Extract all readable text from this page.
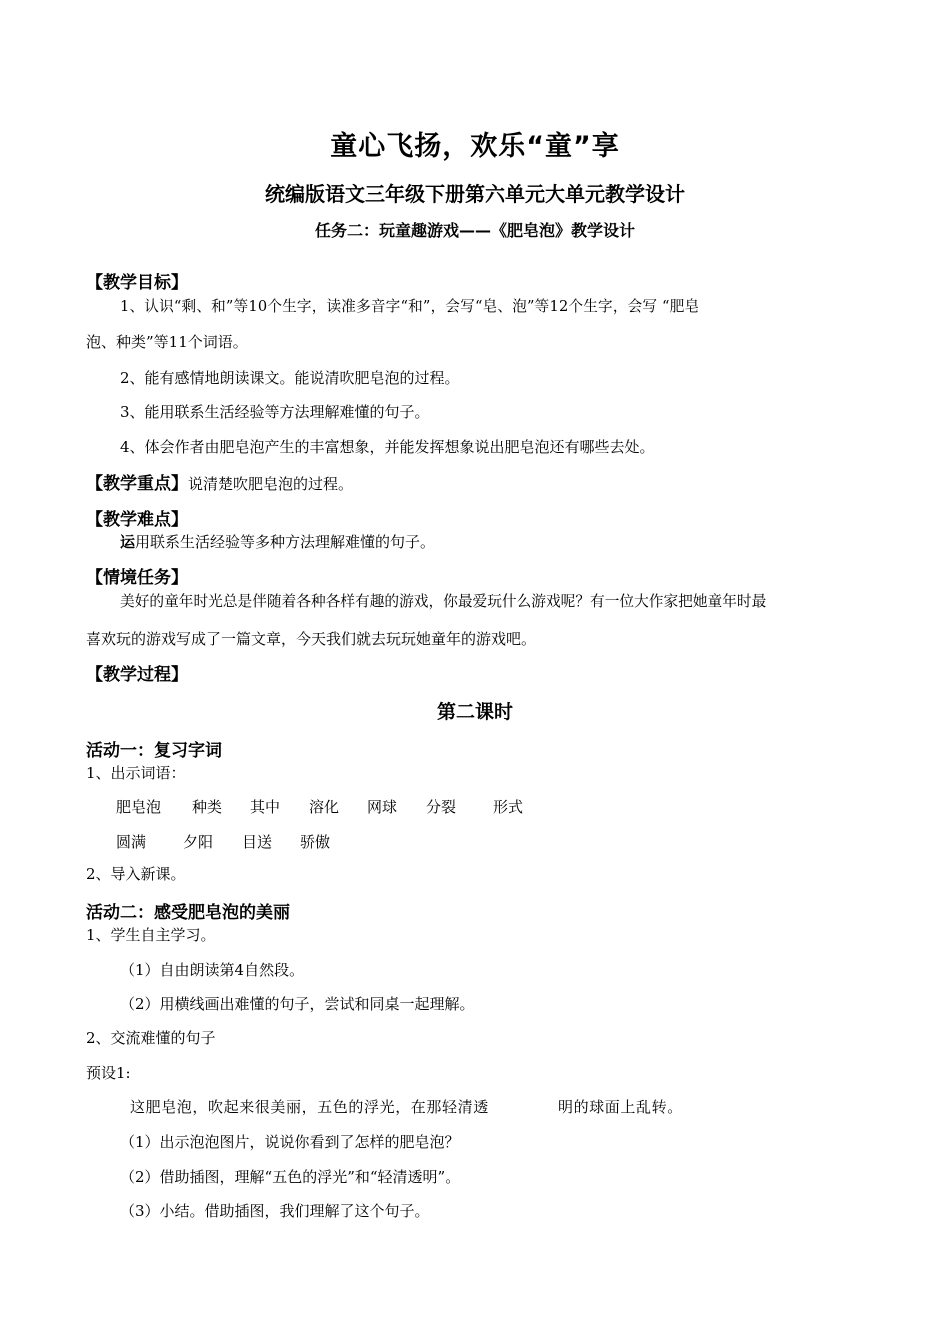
童心飞扬，欢乐“童”享
统编版语文三年级下册第六单元大单元教学设计
任务二：玩童趣游戏——《肥皂泡》教学设计
【教学目标】
1、认识“剩、和”等10个生字，读准多音字“和”，会写“皂、泡”等12个生字，会写 “肥皂
泡、种类”等11个词语。
2、能有感情地朗读课文。能说清吹肥皂泡的过程。
3、能用联系生活经验等方法理解难懂的句子。
4、体会作者由肥皂泡产生的丰富想象，并能发挥想象说出肥皂泡还有哪些去处。
【教学重点】说清楚吹肥皂泡的过程。
【教学难点】
运用联系生活经验等多种方法理解难懂的句子。
【情境任务】
美好的童年时光总是伴随着各种各样有趣的游戏，你最爱玩什么游戏呢？有一位大作家把她童年时最
喜欢玩的游戏写成了一篇文章，今天我们就去玩玩她童年的游戏吧。
【教学过程】
第二课时
活动一：复习字词
1、出示词语：
肥皂泡 种类 其中 溶化 网球 分裂 形式
圆满 夕阳 目送 骄傲
2、导入新课。
活动二：感受肥皂泡的美丽
1、学生自主学习。
（1）自由朗读第4自然段。
（2）用横线画出难懂的句子，尝试和同桌一起理解。
2、交流难懂的句子
预设1:
这肥皂泡，吹起来很美丽，五色的浮光，在那轻清透	明的球面上乱转。
（1）出示泡泡图片，说说你看到了怎样的肥皂泡？
（2）借助插图，理解“五色的浮光”和“轻清透明”。
（3）小结。借助插图，我们理解了这个句子。
